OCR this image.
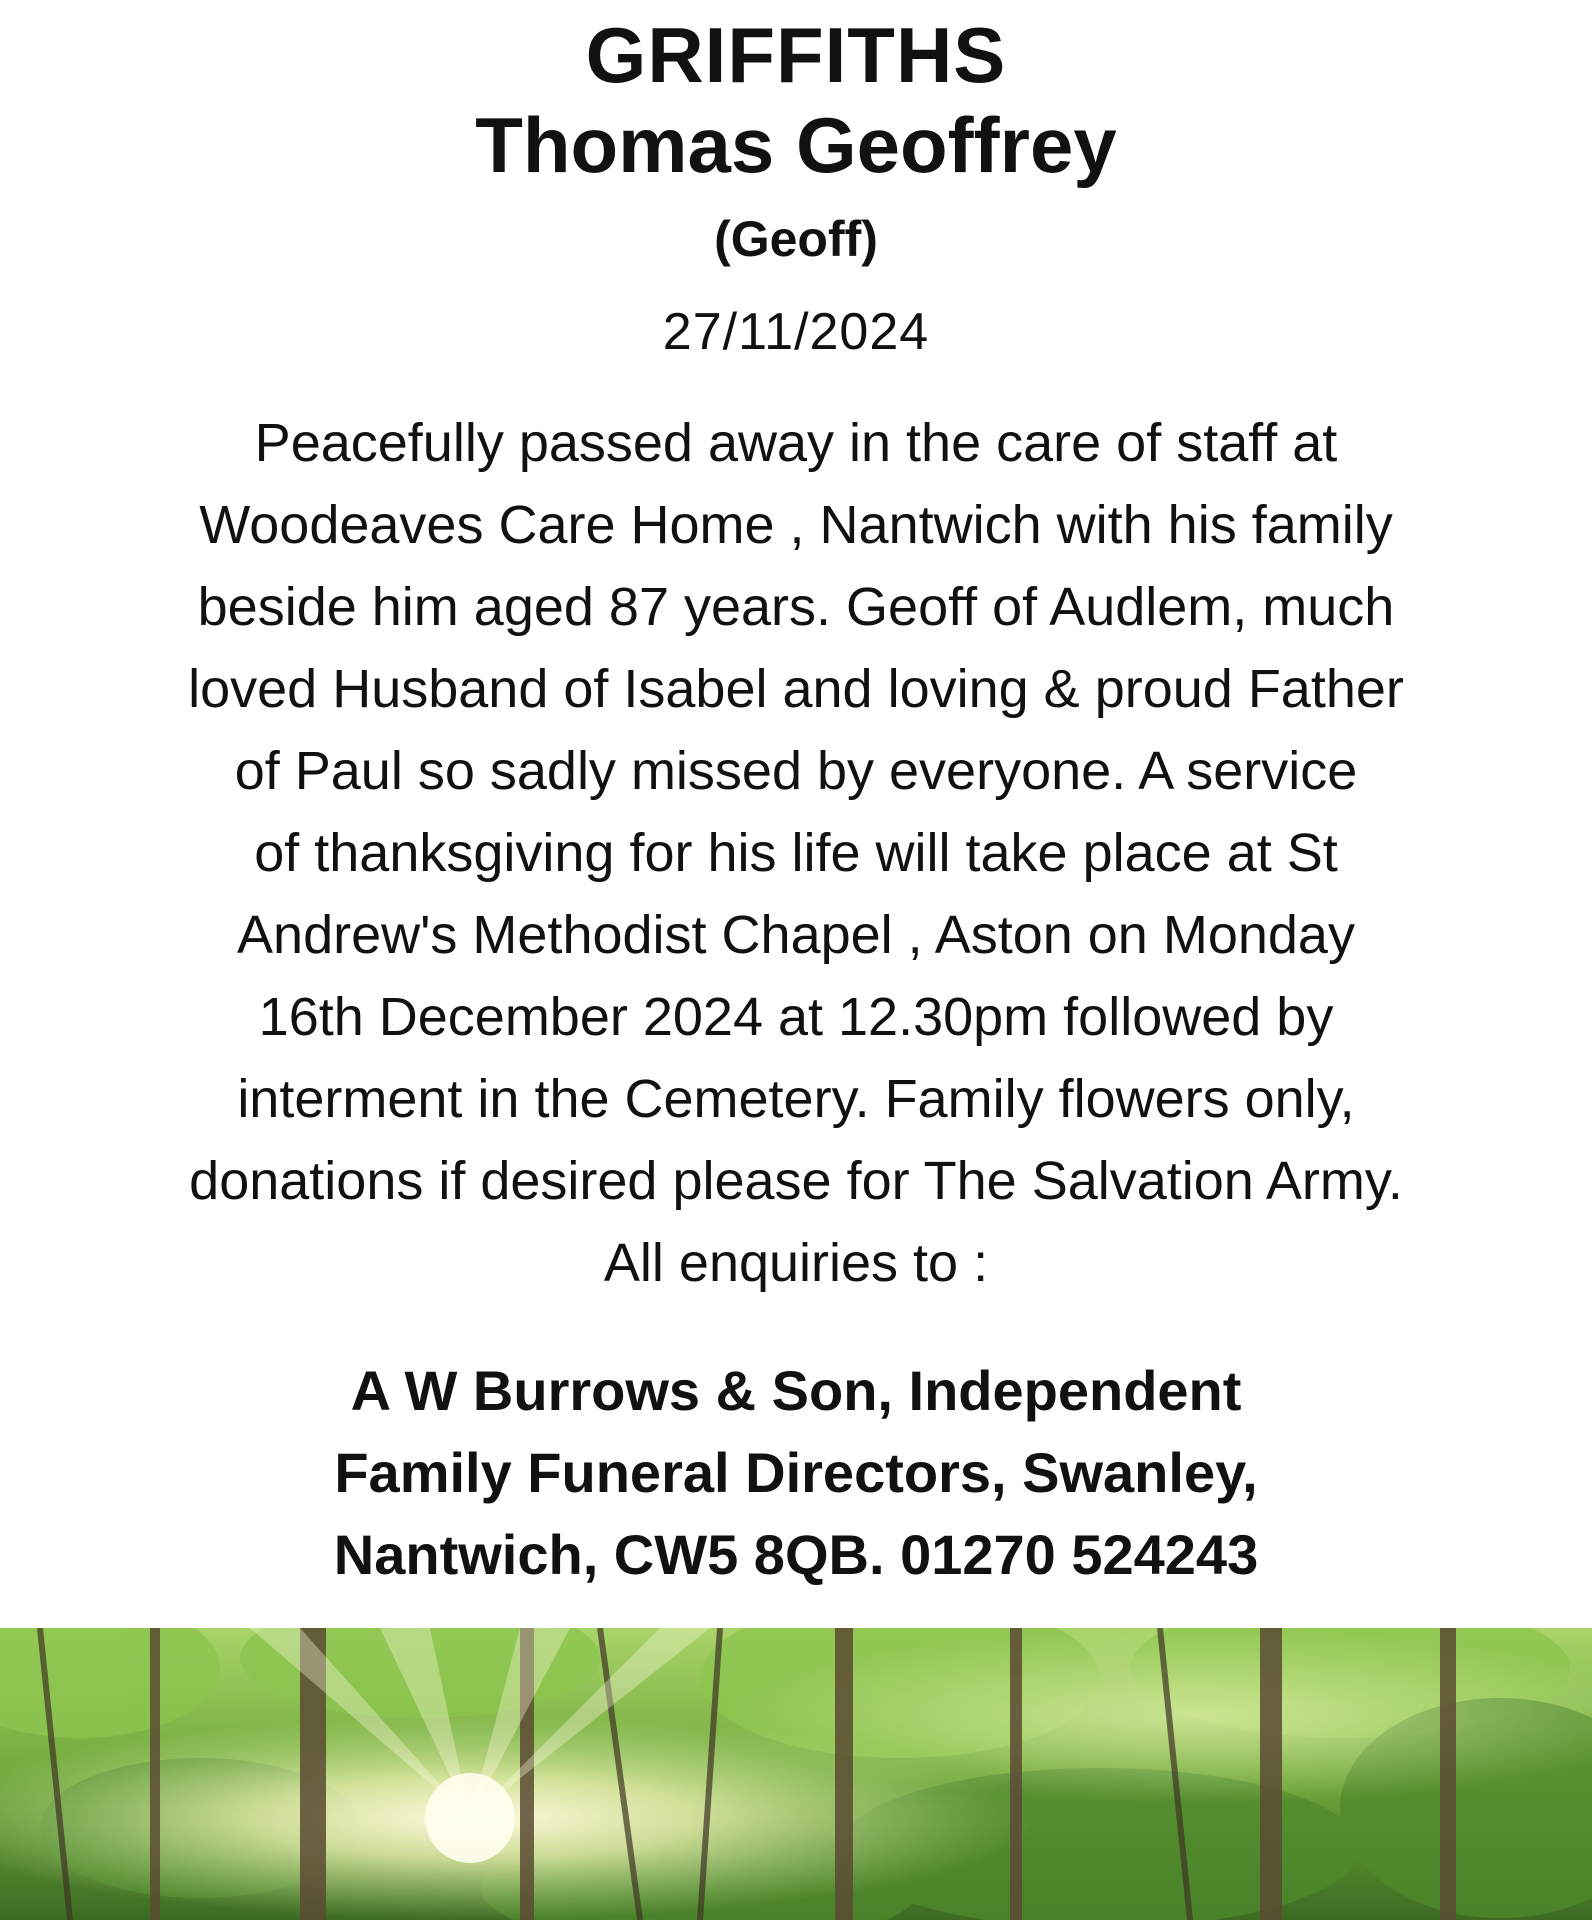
GRIFFITHS
Thomas Geoffrey
(Geoff)
27/11/2024
Peacefully passed away in the care of staff at
Woodeaves Care Home , Nantwich with his family
beside him aged 87 years. Geoff of Audlem, much
loved Husband of Isabel and loving & proud Father
of Paul so sadly missed by everyone. A service
of thanksgiving for his life will take place at St
Andrew's Methodist Chapel , Aston on Monday
16th December 2024 at 12.30pm followed by
interment in the Cemetery. Family flowers only,
donations if desired please for The Salvation Army.
All enquiries to :
A W Burrows & Son, Independent
Family Funeral Directors, Swanley,
Nantwich, CW5 8QB. 01270 524243
